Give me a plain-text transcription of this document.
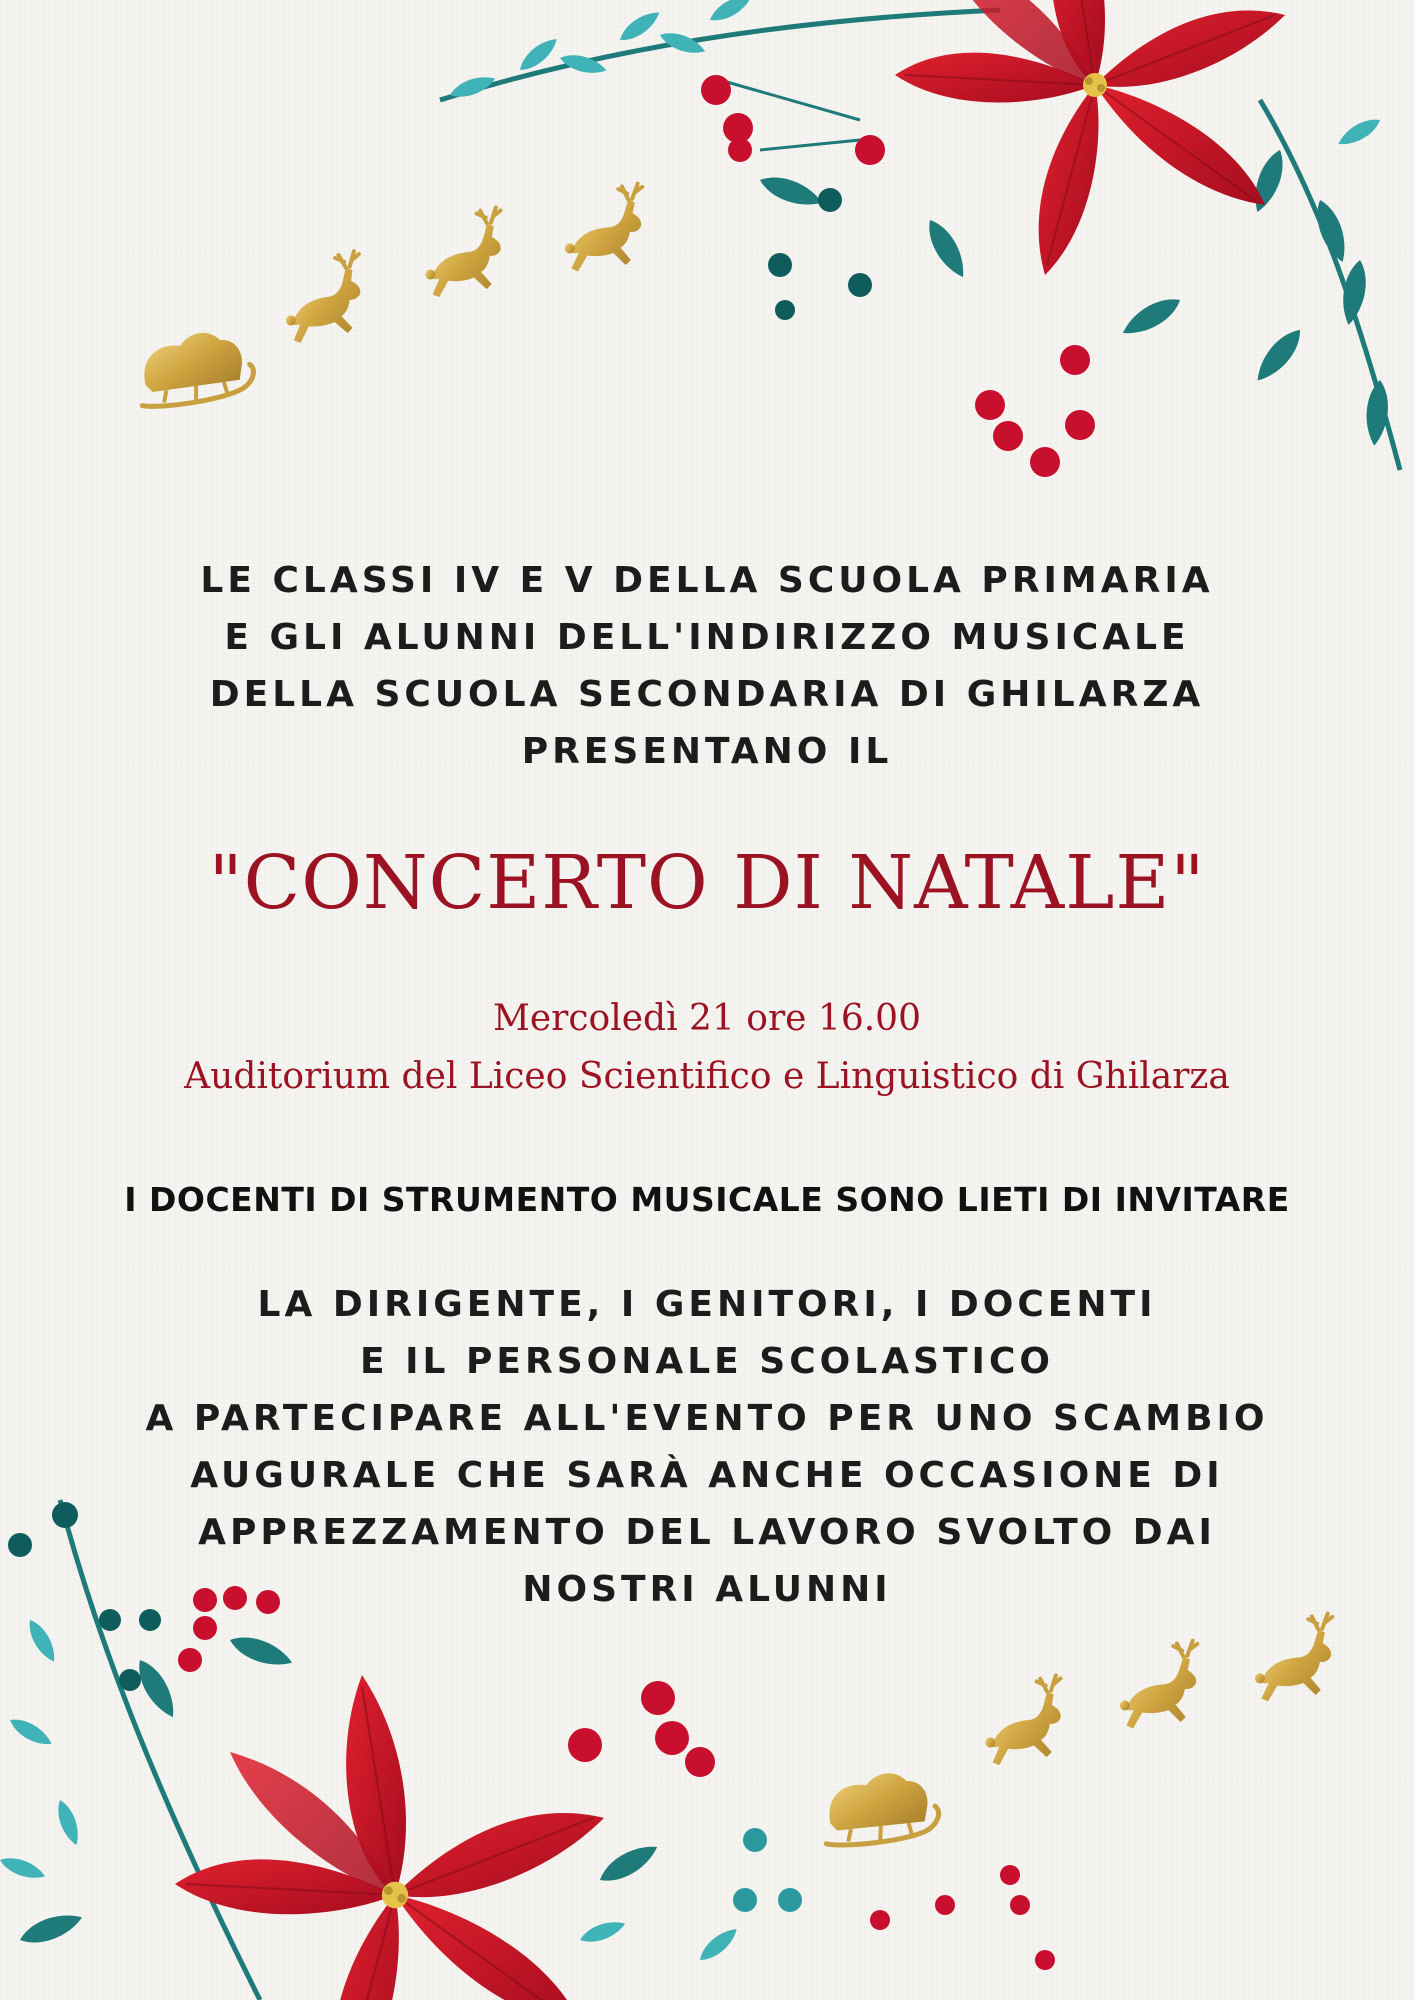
LE CLASSI IV E V DELLA SCUOLA PRIMARIA
E GLI ALUNNI DELL'INDIRIZZO MUSICALE
DELLA SCUOLA SECONDARIA DI GHILARZA
PRESENTANO IL
"CONCERTO DI NATALE"
Mercoledì 21 ore 16.00
Auditorium del Liceo Scientifico e Linguistico di Ghilarza
I DOCENTI DI STRUMENTO MUSICALE SONO LIETI DI INVITARE
LA DIRIGENTE, I GENITORI, I DOCENTI
E IL PERSONALE SCOLASTICO
A PARTECIPARE ALL'EVENTO PER UNO SCAMBIO
AUGURALE CHE SARÀ ANCHE OCCASIONE DI
APPREZZAMENTO DEL LAVORO SVOLTO DAI
NOSTRI ALUNNI
